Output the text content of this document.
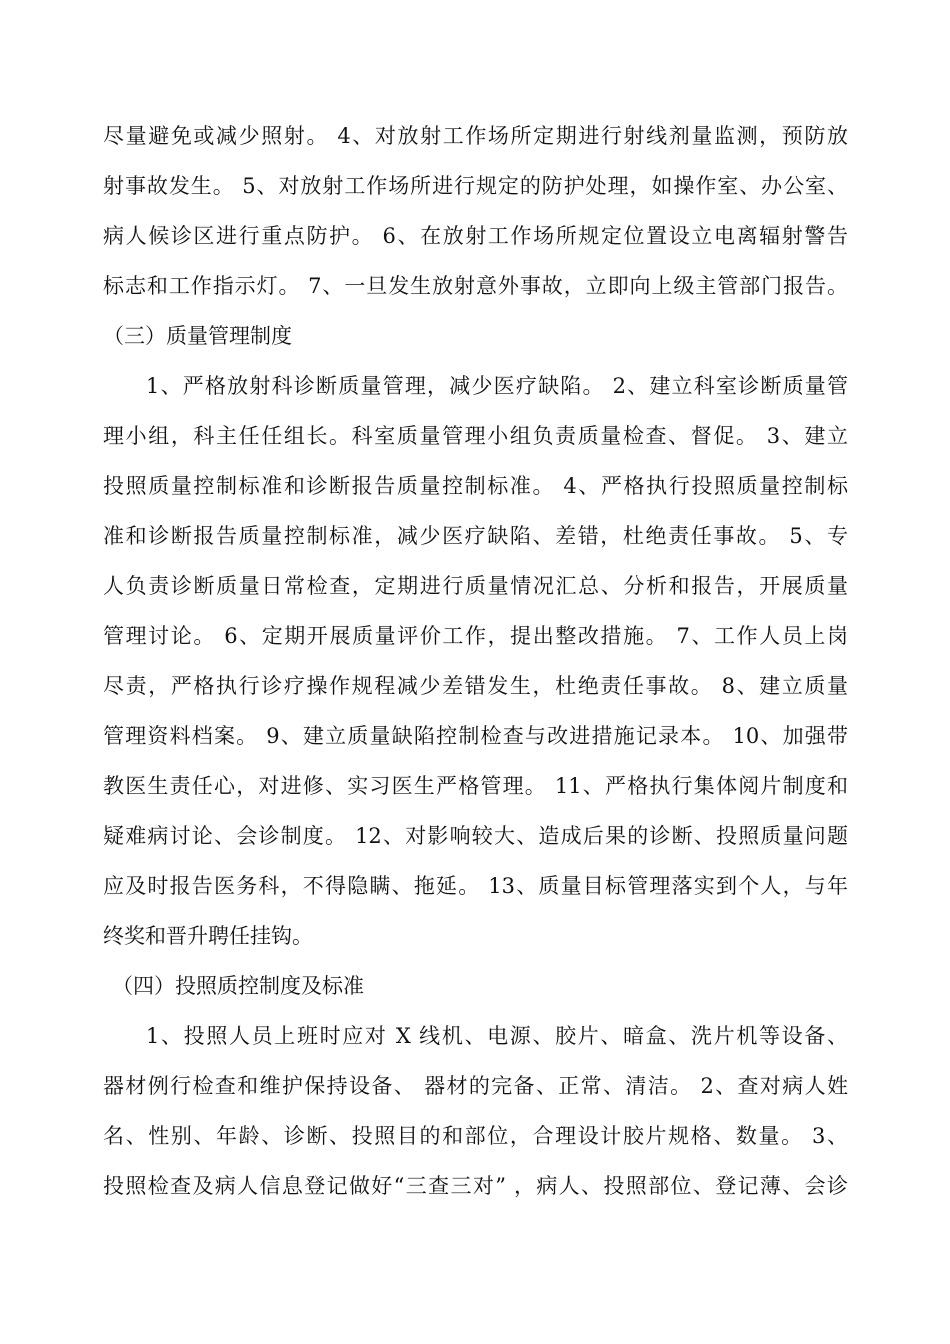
尽量避免或减少照射。 4、对放射工作场所定期进行射线剂量监测，预防放
射事故发生。 5、对放射工作场所进行规定的防护处理，如操作室、办公室、
病人候诊区进行重点防护。 6、在放射工作场所规定位置设立电离辐射警告
标志和工作指示灯。 7、一旦发生放射意外事故，立即向上级主管部门报告。
（三）质量管理制度
1、严格放射科诊断质量管理，减少医疗缺陷。 2、建立科室诊断质量管
理小组，科主任任组长。科室质量管理小组负责质量检查、督促。 3、建立
投照质量控制标准和诊断报告质量控制标准。 4、严格执行投照质量控制标
准和诊断报告质量控制标准，减少医疗缺陷、差错，杜绝责任事故。 5、专
人负责诊断质量日常检查，定期进行质量情况汇总、分析和报告，开展质量
管理讨论。 6、定期开展质量评价工作，提出整改措施。 7、工作人员上岗
尽责，严格执行诊疗操作规程减少差错发生，杜绝责任事故。 8、建立质量
管理资料档案。 9、建立质量缺陷控制检查与改进措施记录本。 10、加强带
教医生责任心，对进修、实习医生严格管理。 11、严格执行集体阅片制度和
疑难病讨论、会诊制度。 12、对影响较大、造成后果的诊断、投照质量问题
应及时报告医务科，不得隐瞒、拖延。 13、质量目标管理落实到个人，与年
终奖和晋升聘任挂钩。
（四）投照质控制度及标准
1、投照人员上班时应对 X 线机、电源、胶片、暗盒、洗片机等设备、
器材例行检查和维护保持设备、 器材的完备、正常、清洁。 2、查对病人姓
名、性别、年龄、诊断、投照目的和部位，合理设计胶片规格、数量。 3、
投照检查及病人信息登记做好“三查三对” ，病人、投照部位、登记薄、会诊
